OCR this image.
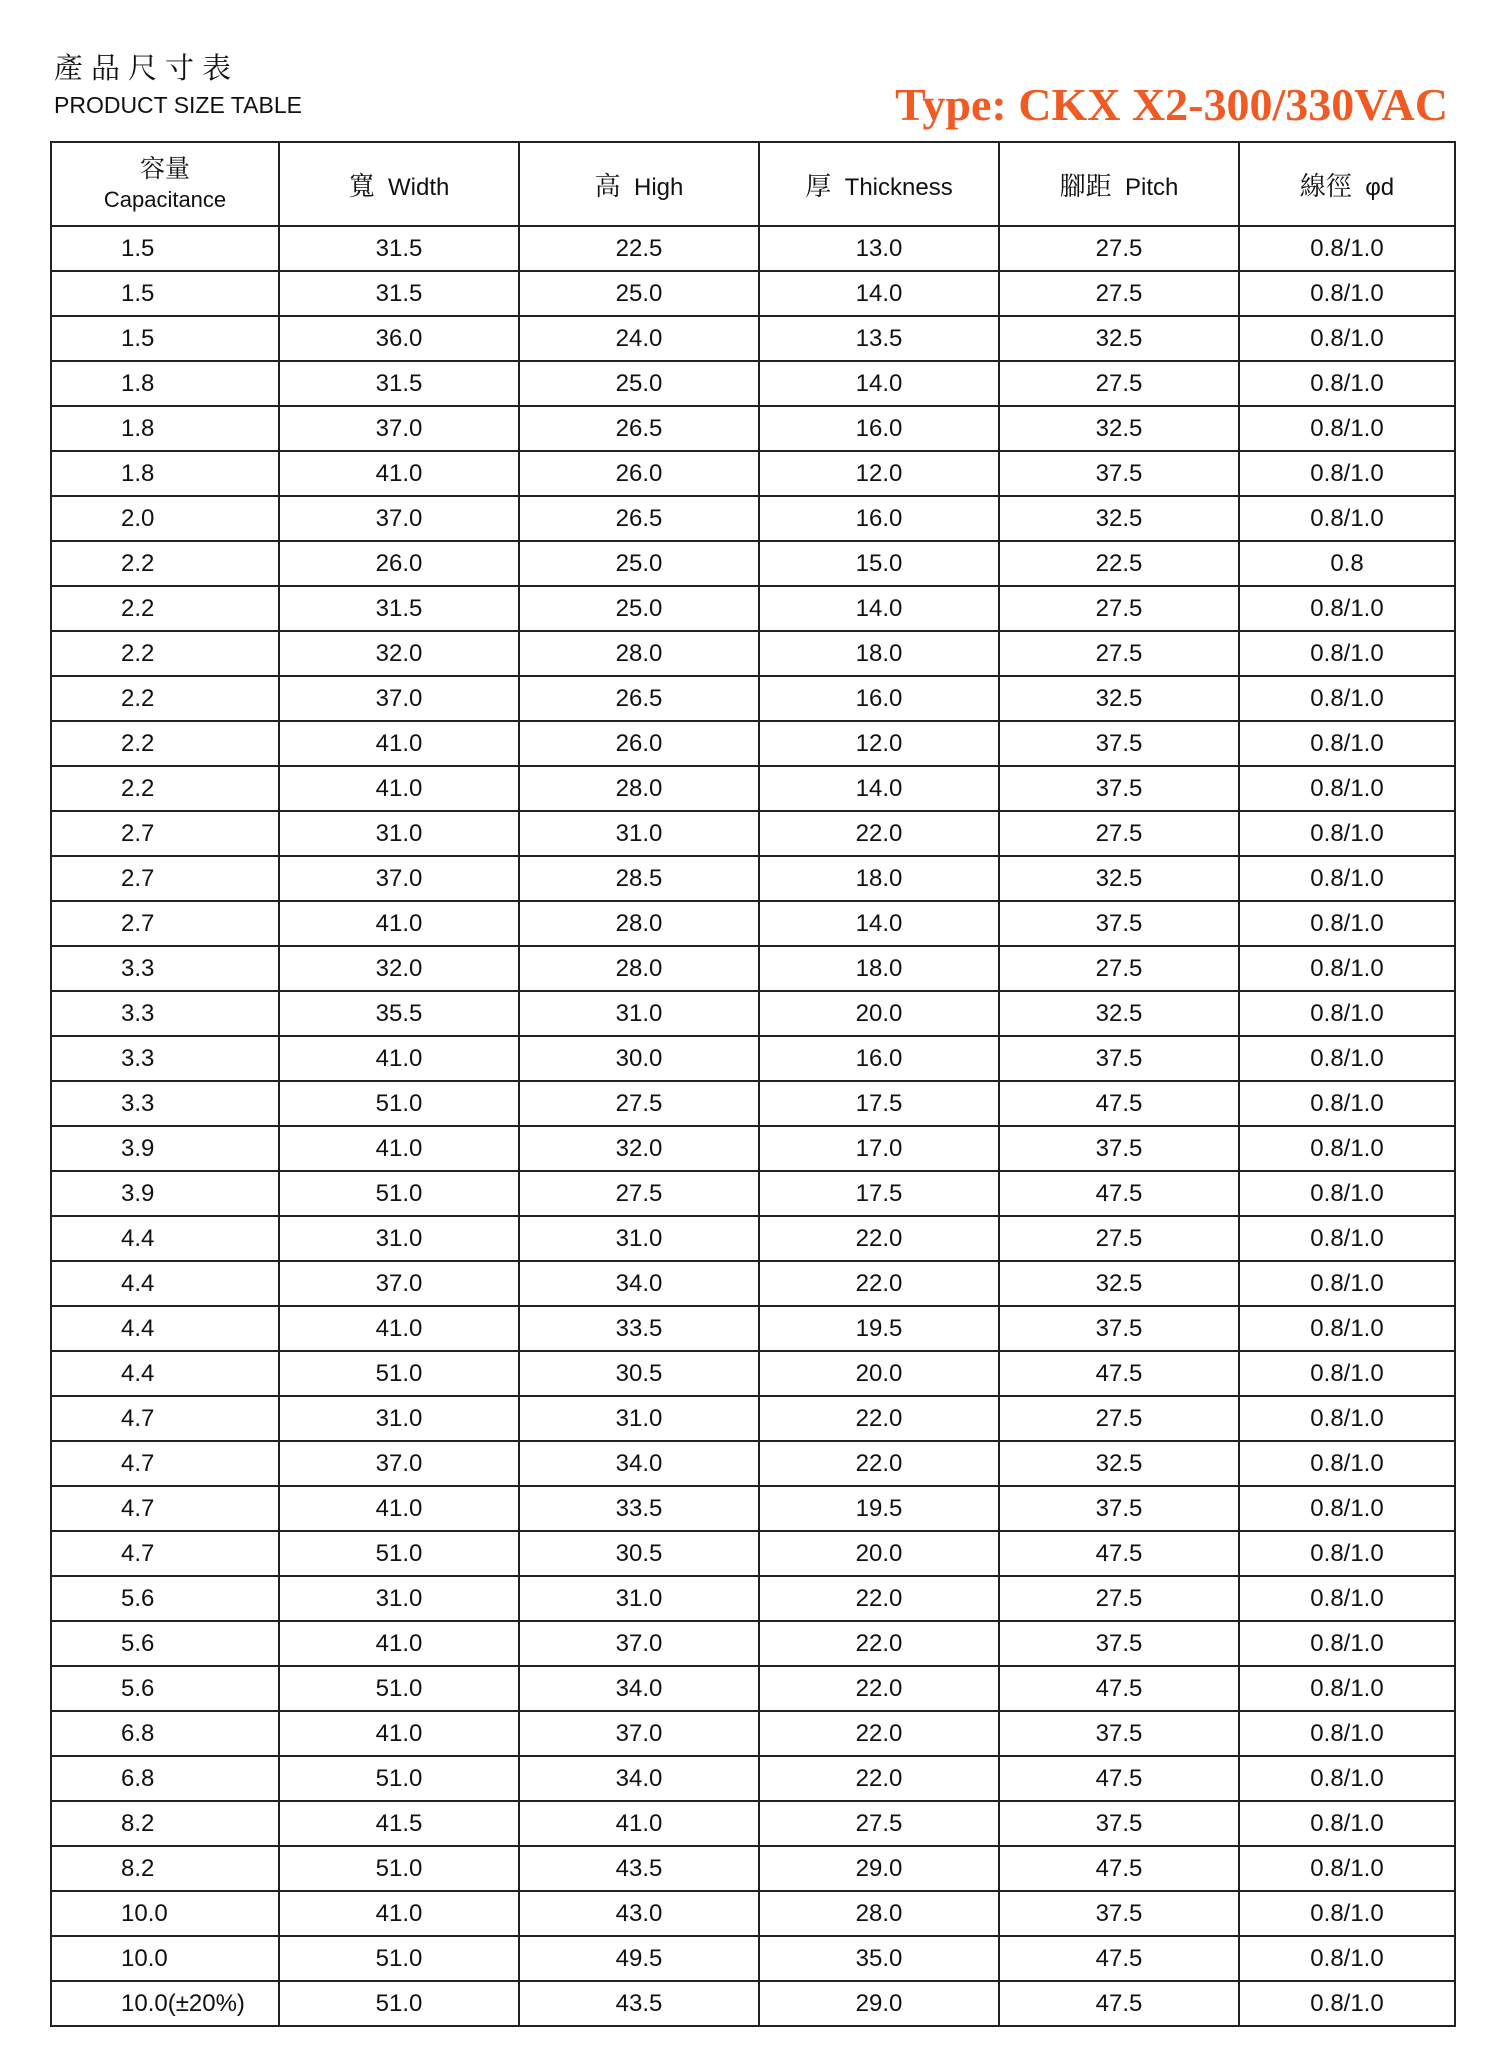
產品尺寸表
PRODUCT SIZE TABLE	Type: CKX X2-300/330VAC
容量
Capacitance	寬 Width	高 High	厚 Thickness	腳距 Pitch	線徑 φd
1.5	31.5	22.5	13.0	27.5	0.8/1.0
1.5	31.5	25.0	14.0	27.5	0.8/1.0
1.5	36.0	24.0	13.5	32.5	0.8/1.0
1.8	31.5	25.0	14.0	27.5	0.8/1.0
1.8	37.0	26.5	16.0	32.5	0.8/1.0
1.8	41.0	26.0	12.0	37.5	0.8/1.0
2.0	37.0	26.5	16.0	32.5	0.8/1.0
2.2	26.0	25.0	15.0	22.5	0.8
2.2	31.5	25.0	14.0	27.5	0.8/1.0
2.2	32.0	28.0	18.0	27.5	0.8/1.0
2.2	37.0	26.5	16.0	32.5	0.8/1.0
2.2	41.0	26.0	12.0	37.5	0.8/1.0
2.2	41.0	28.0	14.0	37.5	0.8/1.0
2.7	31.0	31.0	22.0	27.5	0.8/1.0
2.7	37.0	28.5	18.0	32.5	0.8/1.0
2.7	41.0	28.0	14.0	37.5	0.8/1.0
3.3	32.0	28.0	18.0	27.5	0.8/1.0
3.3	35.5	31.0	20.0	32.5	0.8/1.0
3.3	41.0	30.0	16.0	37.5	0.8/1.0
3.3	51.0	27.5	17.5	47.5	0.8/1.0
3.9	41.0	32.0	17.0	37.5	0.8/1.0
3.9	51.0	27.5	17.5	47.5	0.8/1.0
4.4	31.0	31.0	22.0	27.5	0.8/1.0
4.4	37.0	34.0	22.0	32.5	0.8/1.0
4.4	41.0	33.5	19.5	37.5	0.8/1.0
4.4	51.0	30.5	20.0	47.5	0.8/1.0
4.7	31.0	31.0	22.0	27.5	0.8/1.0
4.7	37.0	34.0	22.0	32.5	0.8/1.0
4.7	41.0	33.5	19.5	37.5	0.8/1.0
4.7	51.0	30.5	20.0	47.5	0.8/1.0
5.6	31.0	31.0	22.0	27.5	0.8/1.0
5.6	41.0	37.0	22.0	37.5	0.8/1.0
5.6	51.0	34.0	22.0	47.5	0.8/1.0
6.8	41.0	37.0	22.0	37.5	0.8/1.0
6.8	51.0	34.0	22.0	47.5	0.8/1.0
8.2	41.5	41.0	27.5	37.5	0.8/1.0
8.2	51.0	43.5	29.0	47.5	0.8/1.0
10.0	41.0	43.0	28.0	37.5	0.8/1.0
10.0	51.0	49.5	35.0	47.5	0.8/1.0
10.0(±20%)	51.0	43.5	29.0	47.5	0.8/1.0
